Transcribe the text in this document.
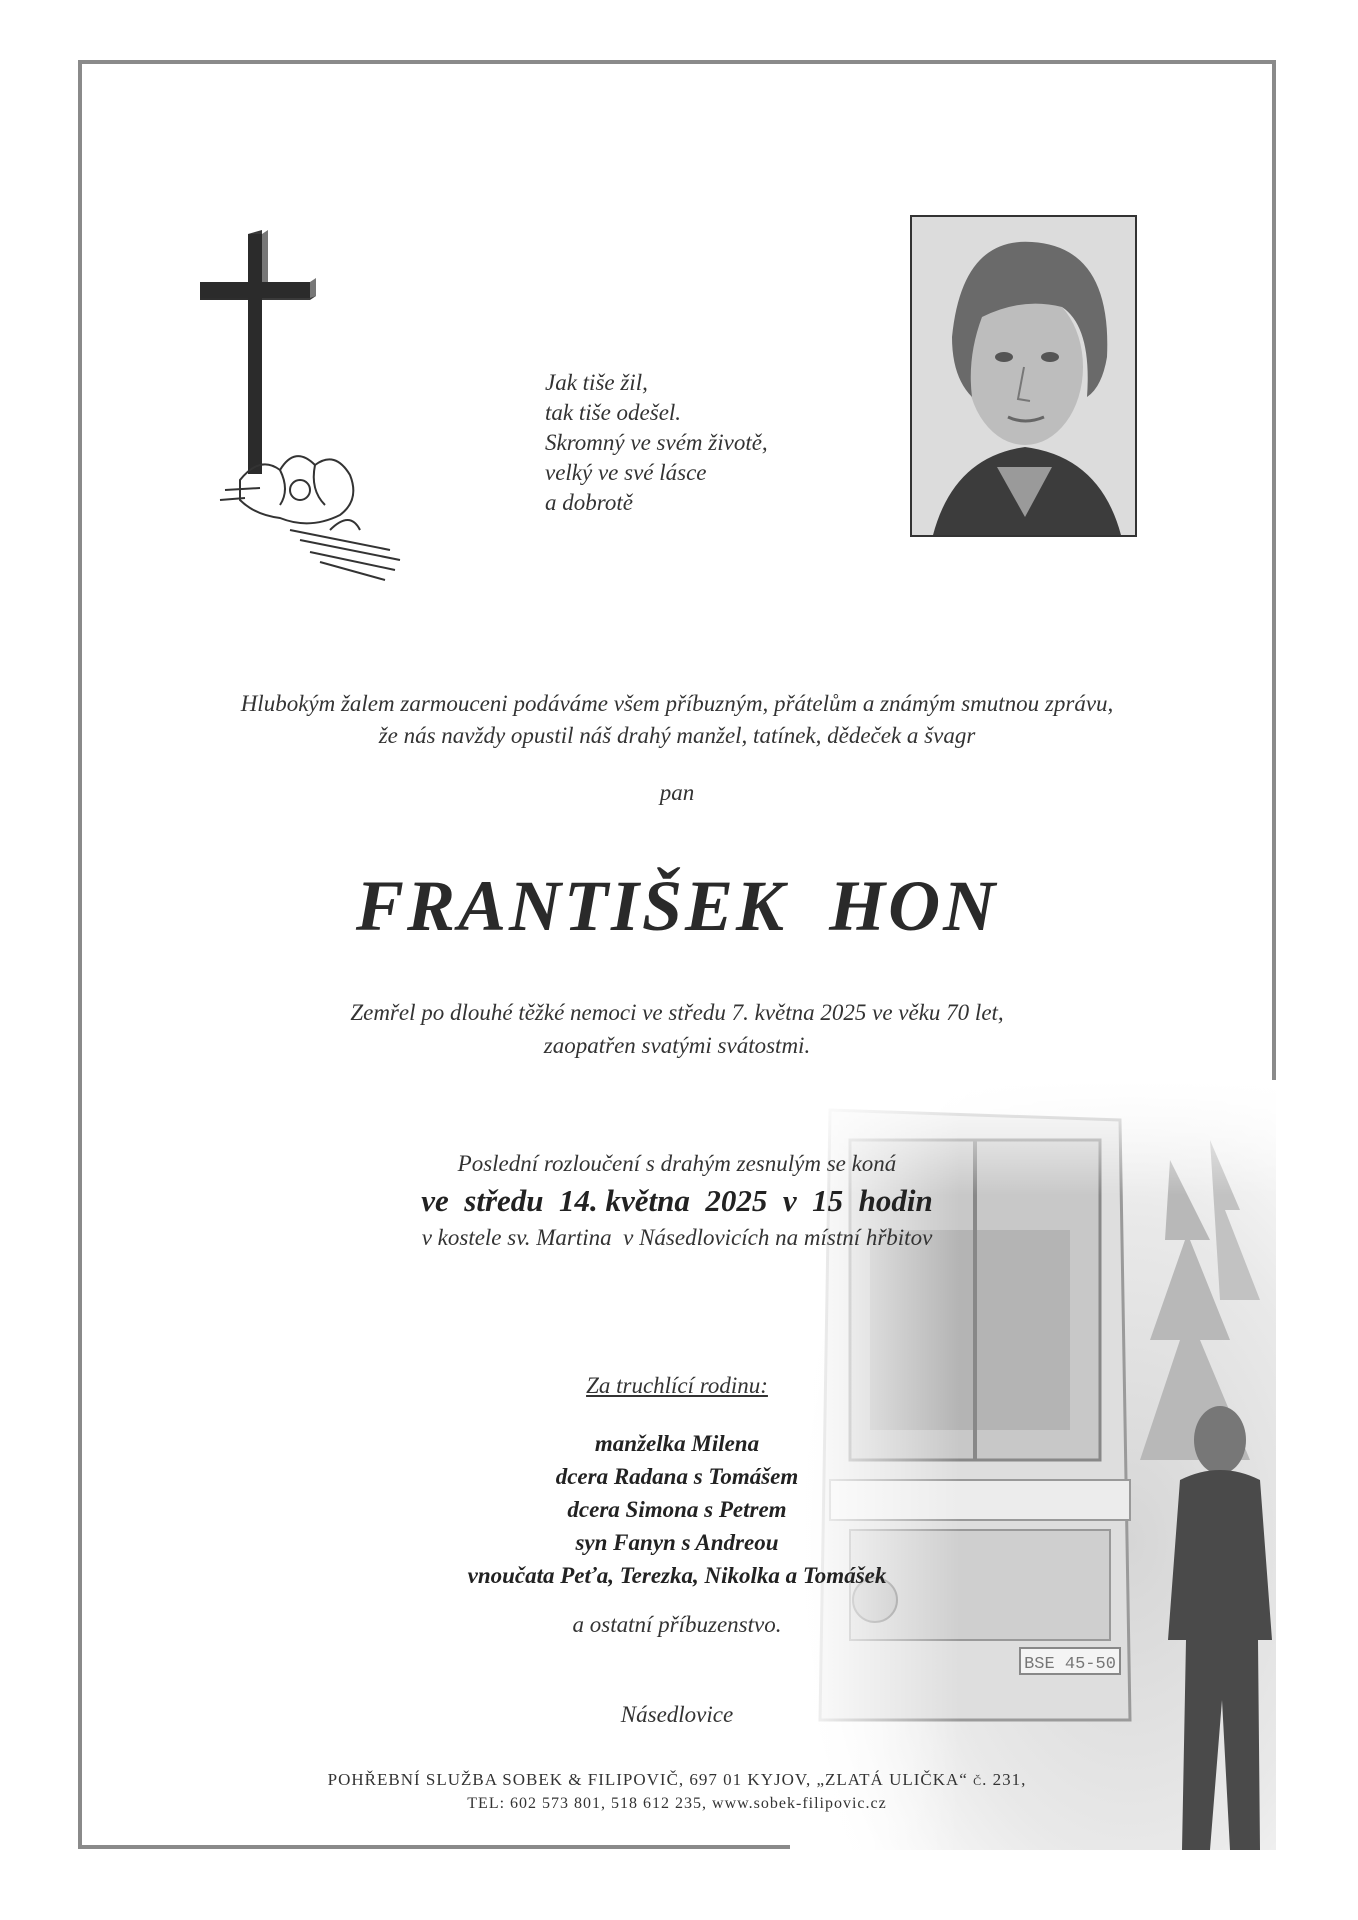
Jak tiše žil,
tak tiše odešel.
Skromný ve svém životě,
velký ve své lásce
a dobrotě
Hlubokým žalem zarmouceni podáváme všem příbuzným, přátelům a známým smutnou zprávu,
že nás navždy opustil náš drahý manžel, tatínek, dědeček a švagr
pan
FRANTIŠEK  HON
Zemřel po dlouhé těžké nemoci ve středu 7. května 2025 ve věku 70 let,
zaopatřen svatými svátostmi.
Poslední rozloučení s drahým zesnulým se koná
ve  středu  14. května  2025  v  15  hodin
v kostele sv. Martina  v Násedlovicích na místní hřbitov
Za truchlící rodinu:
manželka Milena
dcera Radana s Tomášem
dcera Simona s Petrem
syn Fanyn s Andreou
vnoučata Peťa, Terezka, Nikolka a Tomášek
a ostatní příbuzenstvo.
Násedlovice
POHŘEBNÍ SLUŽBA SOBEK & FILIPOVIČ, 697 01 KYJOV, „ZLATÁ ULIČKA“ č. 231,
TEL: 602 573 801, 518 612 235, www.sobek-filipovic.cz
